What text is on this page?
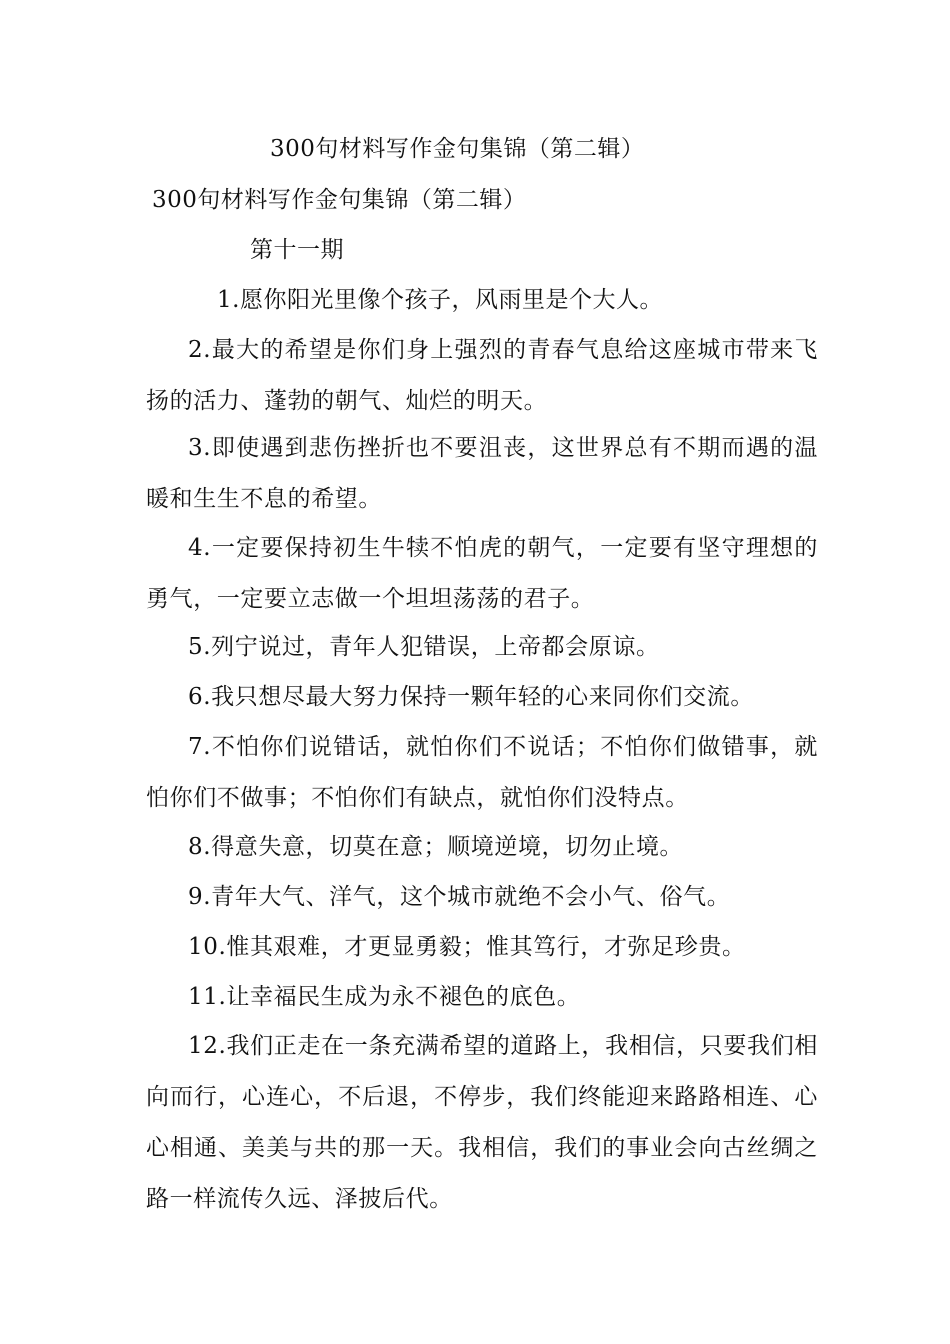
300句材料写作金句集锦（第二辑）
300句材料写作金句集锦（第二辑）
第十一期
1.愿你阳光里像个孩子，风雨里是个大人。
2.最大的希望是你们身上强烈的青春气息给这座城市带来飞扬的活力、蓬勃的朝气、灿烂的明天。
3.即使遇到悲伤挫折也不要沮丧，这世界总有不期而遇的温暖和生生不息的希望。
4.一定要保持初生牛犊不怕虎的朝气，一定要有坚守理想的勇气，一定要立志做一个坦坦荡荡的君子。
5.列宁说过，青年人犯错误，上帝都会原谅。
6.我只想尽最大努力保持一颗年轻的心来同你们交流。
7.不怕你们说错话，就怕你们不说话；不怕你们做错事，就怕你们不做事；不怕你们有缺点，就怕你们没特点。
8.得意失意，切莫在意；顺境逆境，切勿止境。
9.青年大气、洋气，这个城市就绝不会小气、俗气。
10.惟其艰难，才更显勇毅；惟其笃行，才弥足珍贵。
11.让幸福民生成为永不褪色的底色。
12.我们正走在一条充满希望的道路上，我相信，只要我们相向而行，心连心，不后退，不停步，我们终能迎来路路相连、心心相通、美美与共的那一天。我相信，我们的事业会向古丝绸之路一样流传久远、泽披后代。
